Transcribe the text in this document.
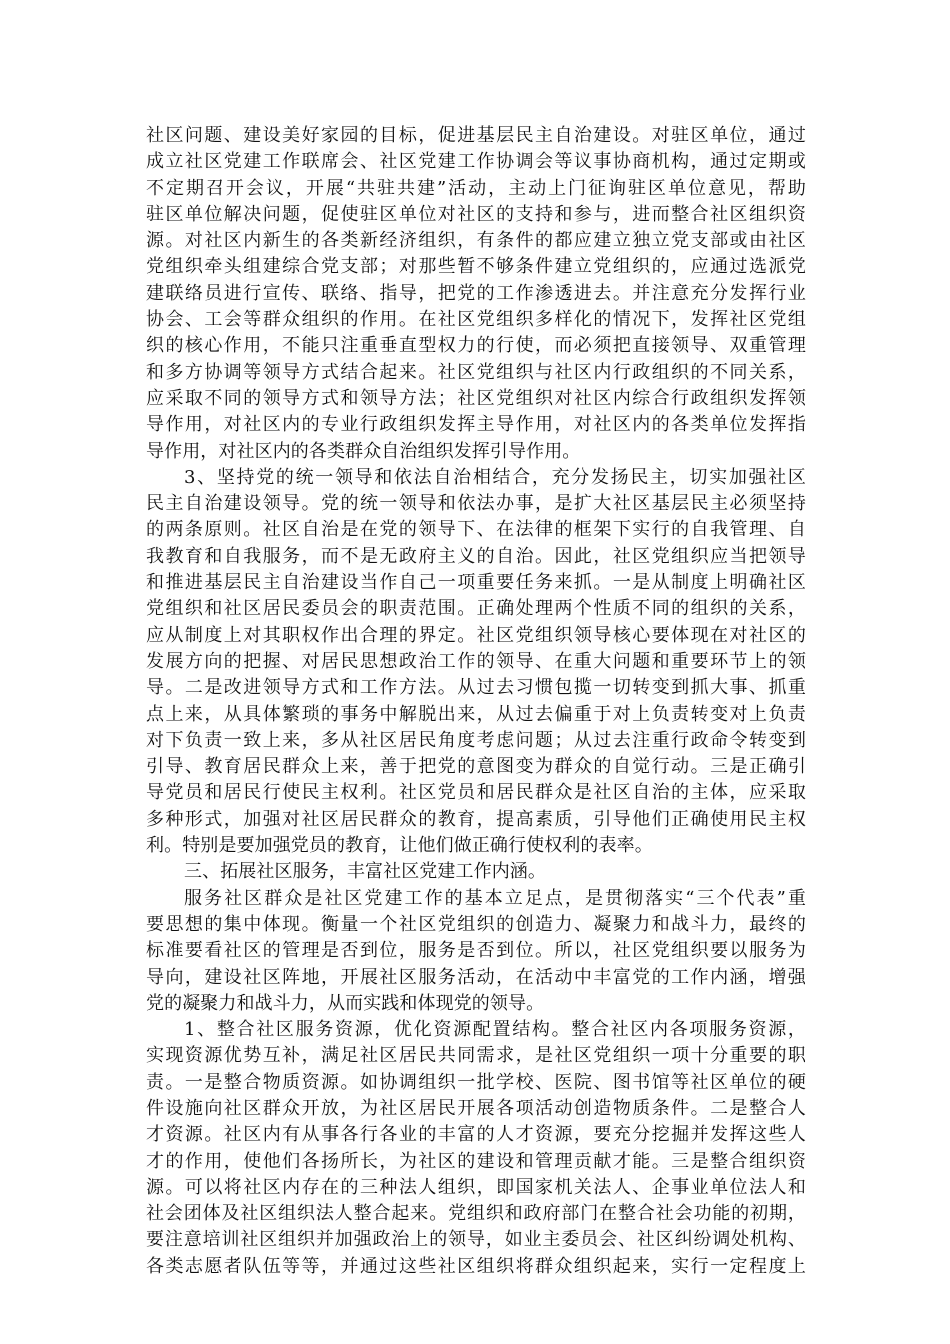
社区问题、建设美好家园的目标，促进基层民主自治建设。对驻区单位，通过
成立社区党建工作联席会、社区党建工作协调会等议事协商机构，通过定期或
不定期召开会议，开展“共驻共建”活动，主动上门征询驻区单位意见，帮助
驻区单位解决问题，促使驻区单位对社区的支持和参与，进而整合社区组织资
源。对社区内新生的各类新经济组织，有条件的都应建立独立党支部或由社区
党组织牵头组建综合党支部；对那些暂不够条件建立党组织的，应通过选派党
建联络员进行宣传、联络、指导，把党的工作渗透进去。并注意充分发挥行业
协会、工会等群众组织的作用。在社区党组织多样化的情况下，发挥社区党组
织的核心作用，不能只注重垂直型权力的行使，而必须把直接领导、双重管理
和多方协调等领导方式结合起来。社区党组织与社区内行政组织的不同关系，
应采取不同的领导方式和领导方法；社区党组织对社区内综合行政组织发挥领
导作用，对社区内的专业行政组织发挥主导作用，对社区内的各类单位发挥指
导作用，对社区内的各类群众自治组织发挥引导作用。
3、坚持党的统一领导和依法自治相结合，充分发扬民主，切实加强社区
民主自治建设领导。党的统一领导和依法办事，是扩大社区基层民主必须坚持
的两条原则。社区自治是在党的领导下、在法律的框架下实行的自我管理、自
我教育和自我服务，而不是无政府主义的自治。因此，社区党组织应当把领导
和推进基层民主自治建设当作自己一项重要任务来抓。一是从制度上明确社区
党组织和社区居民委员会的职责范围。正确处理两个性质不同的组织的关系，
应从制度上对其职权作出合理的界定。社区党组织领导核心要体现在对社区的
发展方向的把握、对居民思想政治工作的领导、在重大问题和重要环节上的领
导。二是改进领导方式和工作方法。从过去习惯包揽一切转变到抓大事、抓重
点上来，从具体繁琐的事务中解脱出来，从过去偏重于对上负责转变对上负责
对下负责一致上来，多从社区居民角度考虑问题；从过去注重行政命令转变到
引导、教育居民群众上来，善于把党的意图变为群众的自觉行动。三是正确引
导党员和居民行使民主权利。社区党员和居民群众是社区自治的主体，应采取
多种形式，加强对社区居民群众的教育，提高素质，引导他们正确使用民主权
利。特别是要加强党员的教育，让他们做正确行使权利的表率。
三、拓展社区服务，丰富社区党建工作内涵。
服务社区群众是社区党建工作的基本立足点，是贯彻落实“三个代表”重
要思想的集中体现。衡量一个社区党组织的创造力、凝聚力和战斗力，最终的
标准要看社区的管理是否到位，服务是否到位。所以，社区党组织要以服务为
导向，建设社区阵地，开展社区服务活动，在活动中丰富党的工作内涵，增强
党的凝聚力和战斗力，从而实践和体现党的领导。
1、整合社区服务资源，优化资源配置结构。整合社区内各项服务资源，
实现资源优势互补，满足社区居民共同需求，是社区党组织一项十分重要的职
责。一是整合物质资源。如协调组织一批学校、医院、图书馆等社区单位的硬
件设施向社区群众开放，为社区居民开展各项活动创造物质条件。二是整合人
才资源。社区内有从事各行各业的丰富的人才资源，要充分挖掘并发挥这些人
才的作用，使他们各扬所长，为社区的建设和管理贡献才能。三是整合组织资
源。可以将社区内存在的三种法人组织，即国家机关法人、企事业单位法人和
社会团体及社区组织法人整合起来。党组织和政府部门在整合社会功能的初期，
要注意培训社区组织并加强政治上的领导，如业主委员会、社区纠纷调处机构、
各类志愿者队伍等等，并通过这些社区组织将群众组织起来，实行一定程度上
